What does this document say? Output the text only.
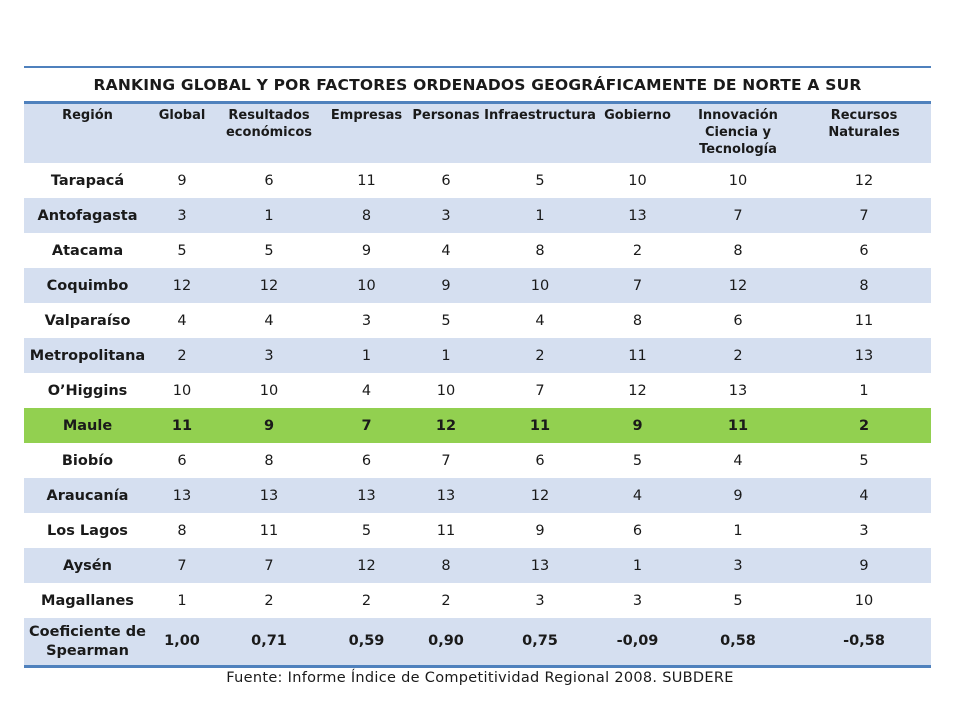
RANKING GLOBAL Y POR FACTORES ORDENADOS GEOGRÁFICAMENTE DE NORTE A SUR								
Región	Global	Resultados económicos	Empresas	Personas	Infraestructura	Gobierno	Innovación Ciencia y Tecnología	Recursos Naturales
Tarapacá	9	6	11	6	5	10	10	12
Antofagasta	3	1	8	3	1	13	7	7
Atacama	5	5	9	4	8	2	8	6
Coquimbo	12	12	10	9	10	7	12	8
Valparaíso	4	4	3	5	4	8	6	11
Metropolitana	2	3	1	1	2	11	2	13
O’Higgins	10	10	4	10	7	12	13	1
Maule	11	9	7	12	11	9	11	2
Biobío	6	8	6	7	6	5	4	5
Araucanía	13	13	13	13	12	4	9	4
Los Lagos	8	11	5	11	9	6	1	3
Aysén	7	7	12	8	13	1	3	9
Magallanes	1	2	2	2	3	3	5	10
Coeficiente de Spearman	1,00	0,71	0,59	0,90	0,75	-0,09	0,58	-0,58
Fuente: Informe Índice de Competitividad Regional 2008. SUBDERE
